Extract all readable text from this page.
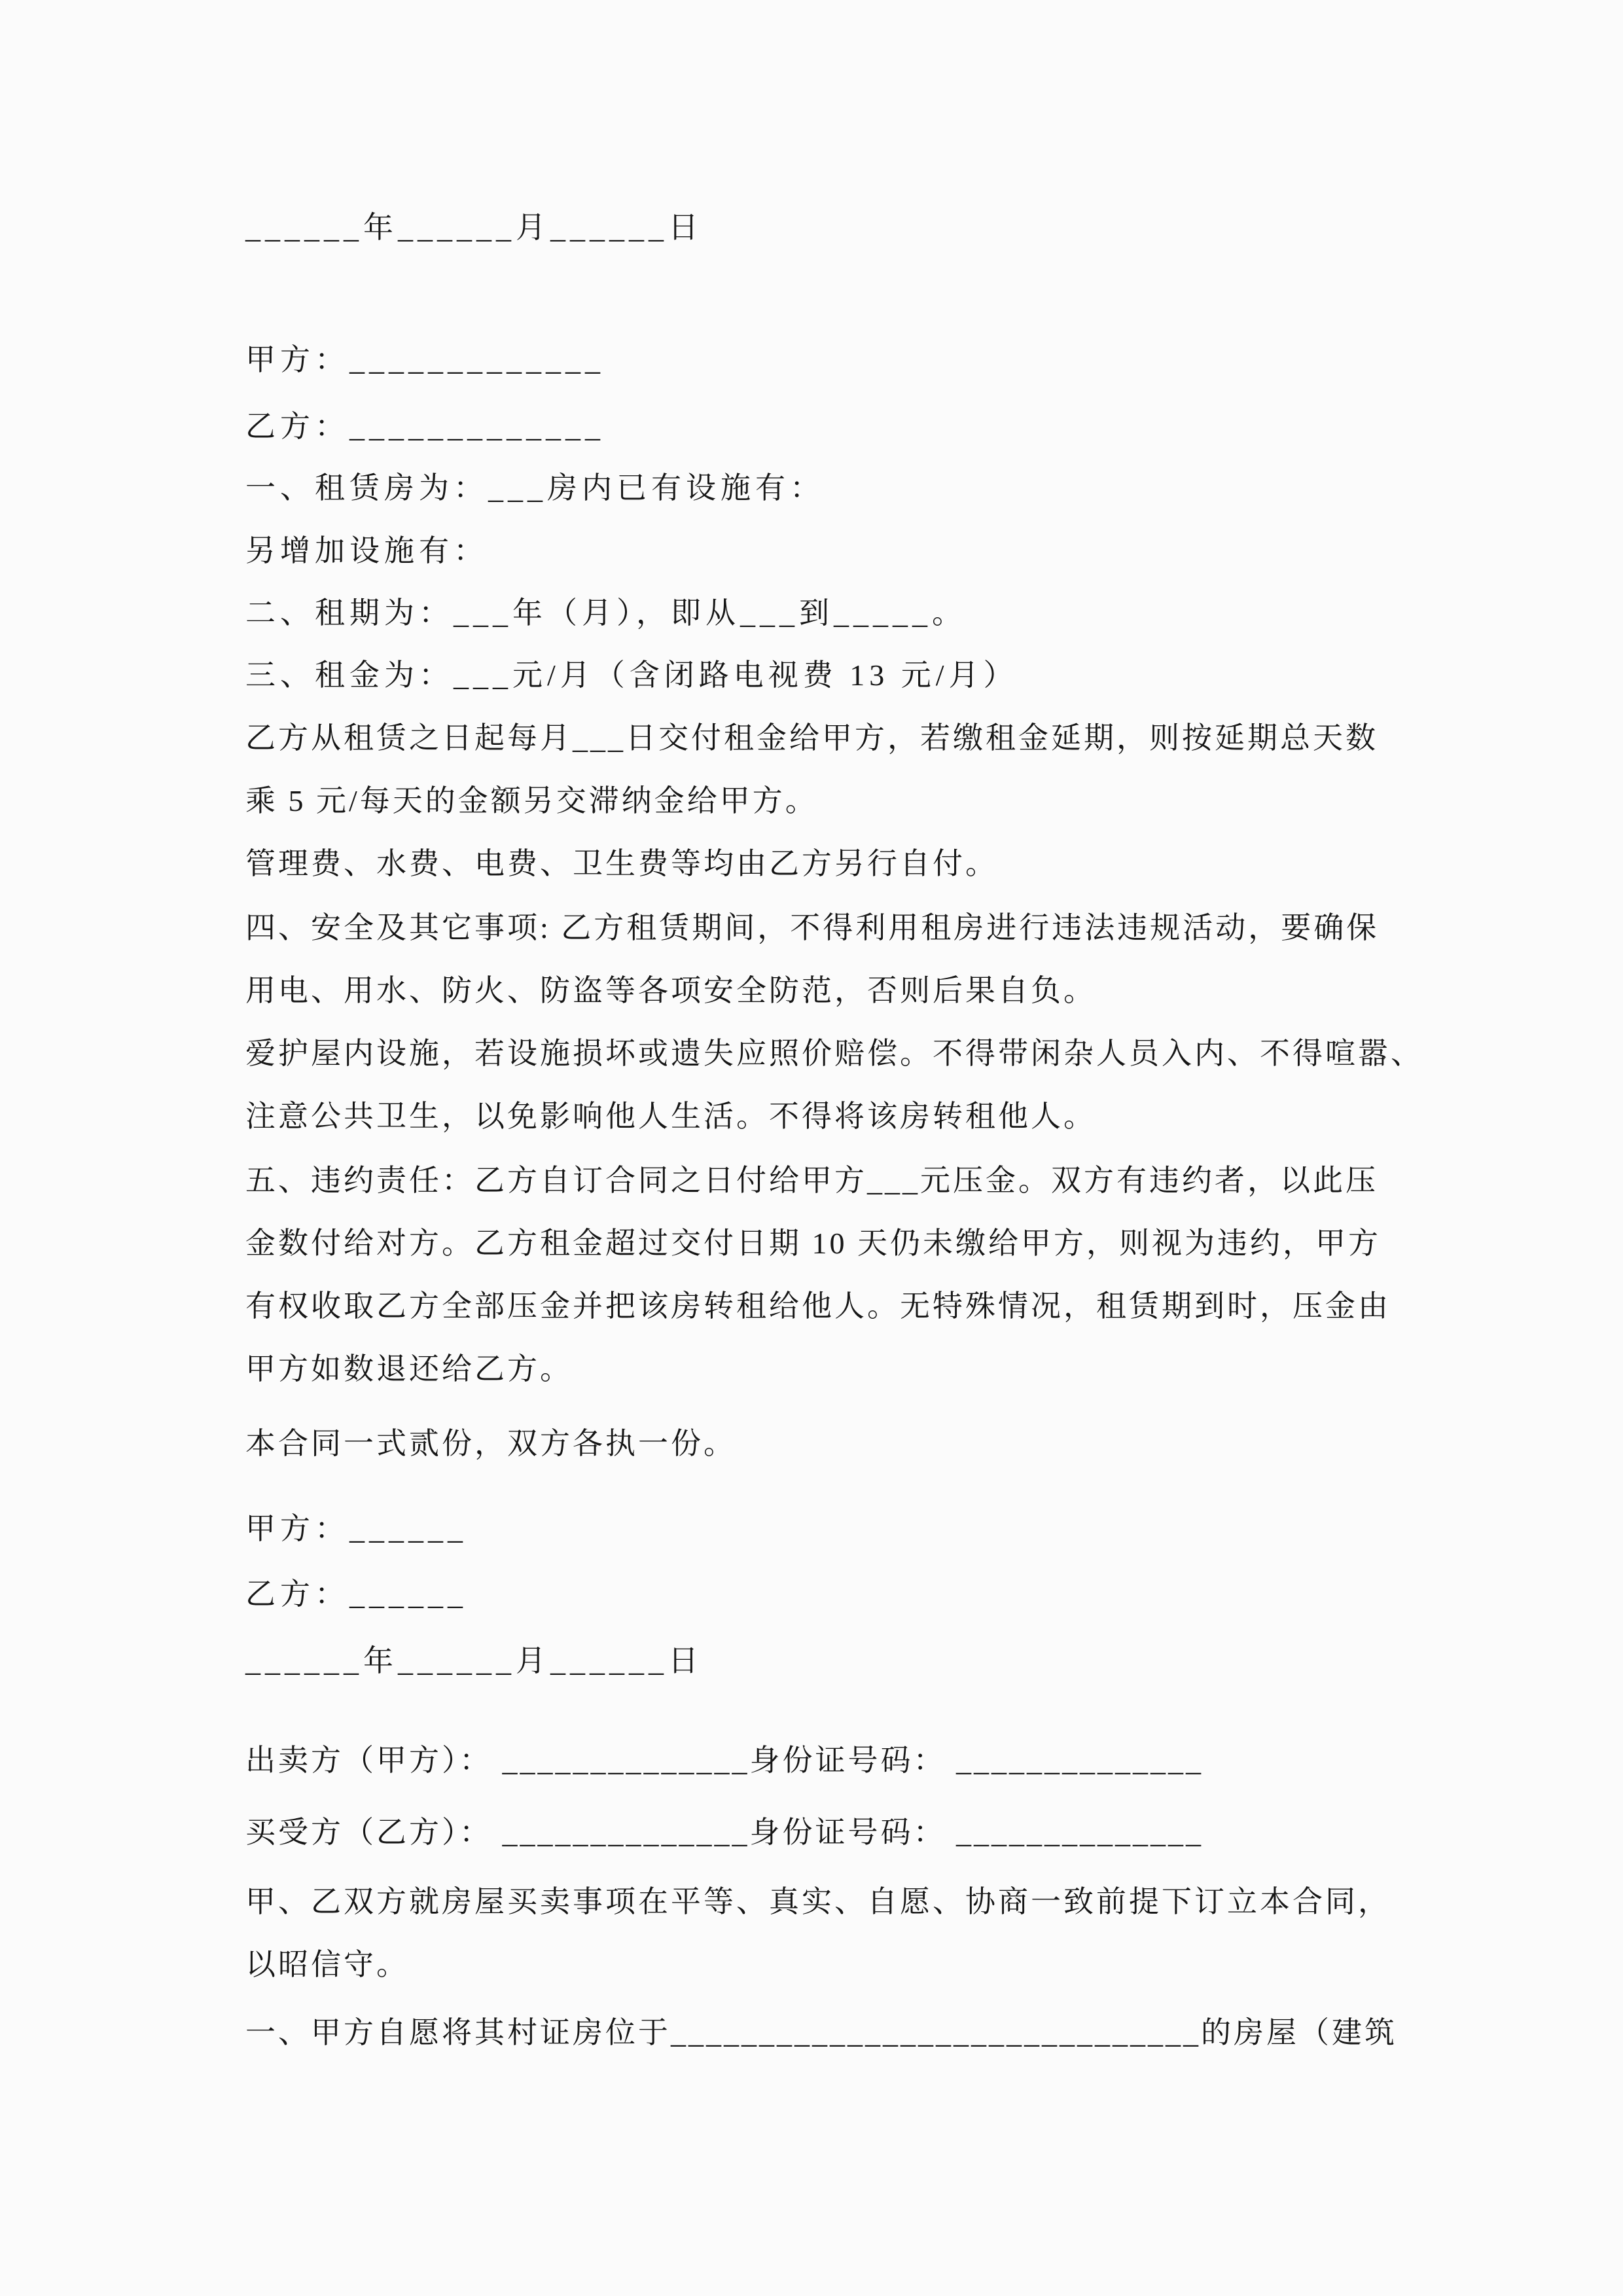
______年______月______日
甲方：_____________
乙方：_____________
一、租赁房为：___房内已有设施有：
另增加设施有：
二、租期为：___年（月），即从___到_____。
三、租金为：___元/月（含闭路电视费 13 元/月）
乙方从租赁之日起每月___日交付租金给甲方，若缴租金延期，则按延期总天数
乘 5 元/每天的金额另交滞纳金给甲方。
管理费、水费、电费、卫生费等均由乙方另行自付。
四、安全及其它事项: 乙方租赁期间，不得利用租房进行违法违规活动，要确保
用电、用水、防火、防盗等各项安全防范，否则后果自负。
爱护屋内设施，若设施损坏或遗失应照价赔偿。不得带闲杂人员入内、不得喧嚣、
注意公共卫生，以免影响他人生活。不得将该房转租他人。
五、违约责任：乙方自订合同之日付给甲方___元压金。双方有违约者，以此压
金数付给对方。乙方租金超过交付日期 10 天仍未缴给甲方，则视为违约，甲方
有权收取乙方全部压金并把该房转租给他人。无特殊情况，租赁期到时，压金由
甲方如数退还给乙方。
本合同一式贰份，双方各执一份。
甲方：______
乙方：______
______年______月______日
出卖方（甲方）： ______________身份证号码： ______________
买受方（乙方）： ______________身份证号码： ______________
甲、乙双方就房屋买卖事项在平等、真实、自愿、协商一致前提下订立本合同，
以昭信守。
一、甲方自愿将其村证房位于______________________________的房屋（建筑
